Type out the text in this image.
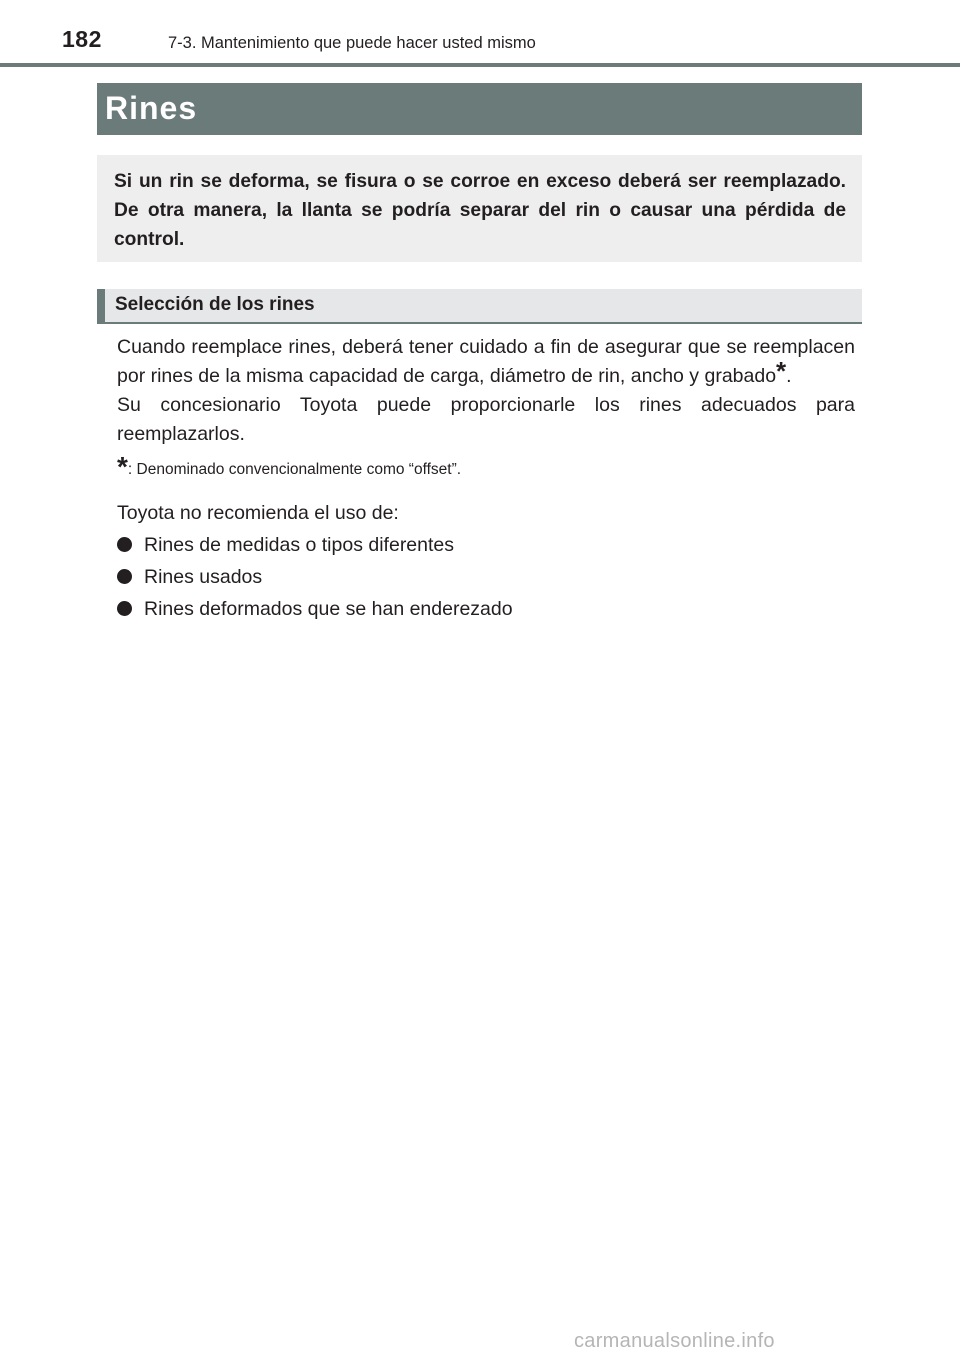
182	7-3. Mantenimiento que puede hacer usted mismo
Rines

Si un rin se deforma, se fisura o se corroe en exceso deberá ser reemplazado. De otra manera, la llanta se podría separar del rin o causar una pérdida de control.

Selección de los rines

Cuando reemplace rines, deberá tener cuidado a fin de asegurar que se reemplacen por rines de la misma capacidad de carga, diámetro de rin, ancho y grabado*.

Su concesionario Toyota puede proporcionarle los rines adecuados para reemplazarlos.

*: Denominado convencionalmente como “offset”.

Toyota no recomienda el uso de:

Rines de medidas o tipos diferentes
Rines usados
Rines deformados que se han enderezado
carmanualsonline.info
